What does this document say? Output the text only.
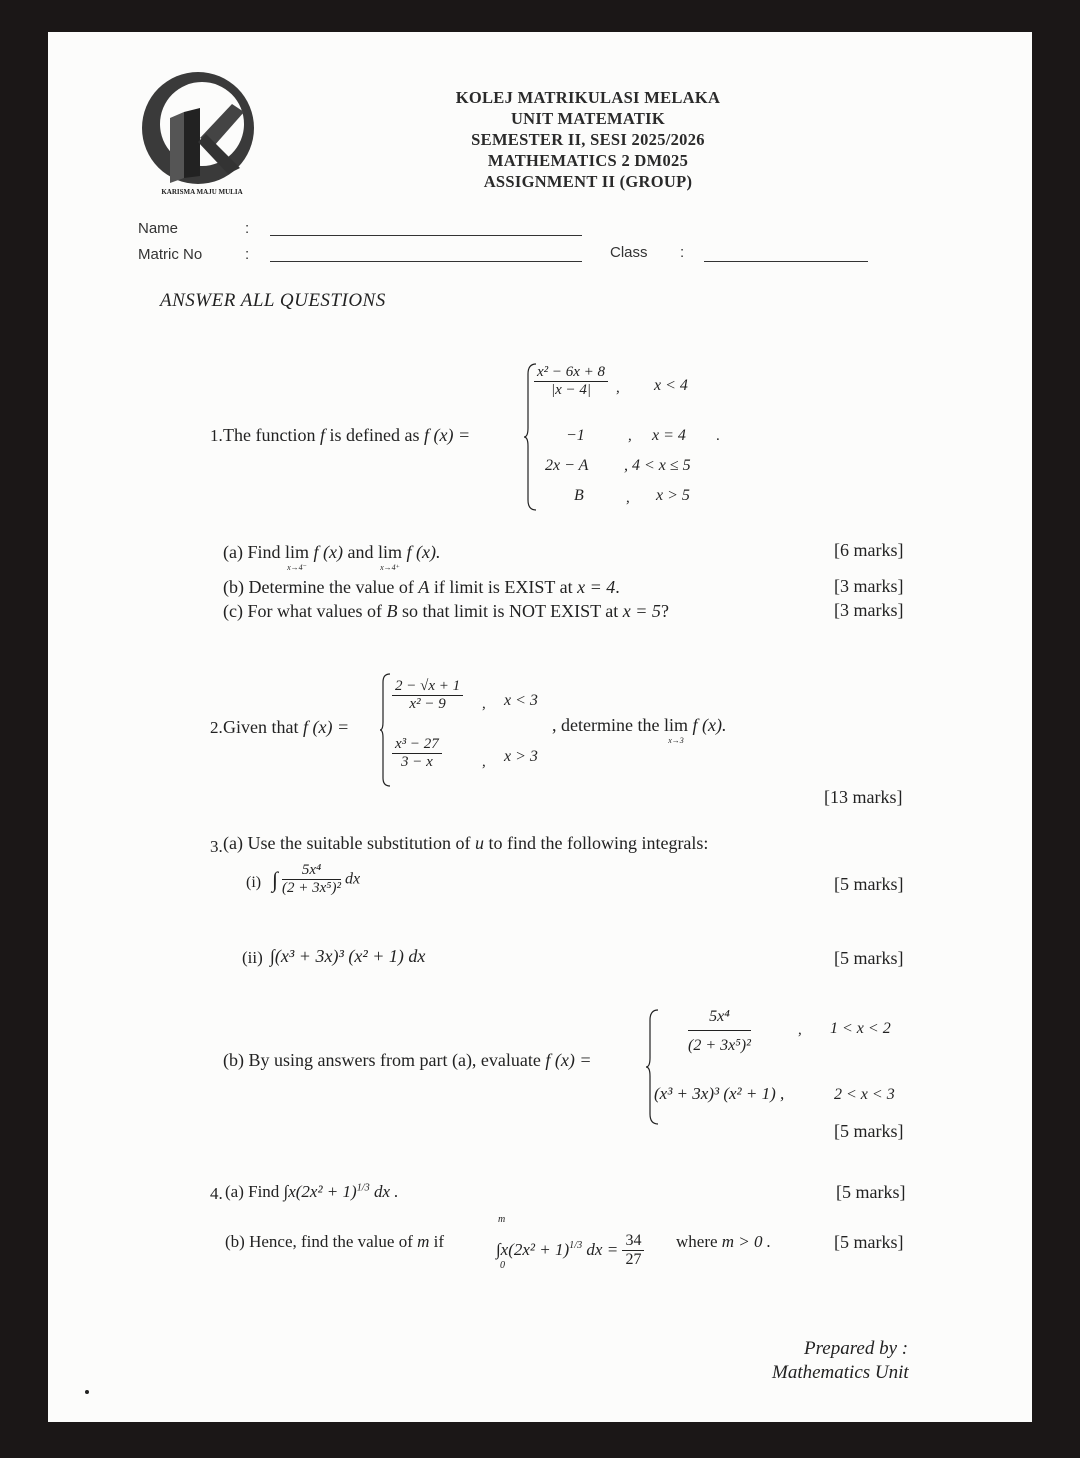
KARISMA MAJU MULIA
KOLEJ MATRIKULASI MELAKA
UNIT MATEMATIK
SEMESTER II, SESI 2025/2026
MATHEMATICS 2 DM025
ASSIGNMENT II (GROUP)
Name	:
Matric No	:	Class :
ANSWER ALL QUESTIONS
1. The function f is defined as f (x) =
$\frac{\text{x² − 6x + 8}}{|x - 4|}$ , x < 4
−1	, x = 4 .
2x − A , 4 < x ≤ 5
B	, x > 5
(a) Find lim
x→4⁻
f (x) and lim
x→4⁺
f (x).	[6 marks]
(b) Determine the value of A if limit is EXIST at x = 4.	[3 marks]
(c) For what values of B so that limit is NOT EXIST at x = 5?	[3 marks]
2. Given that f (x) =
$\frac{2 - √x + 1}{\text{x² − 9}}$ , x < 3
$\frac{\text{x³ − 27}}{3 - x}$	, x > 3
, determine the lim
x→3
f (x).
[13 marks]
3. (a) Use the suitable substitution of u to find the following integrals:
(i) ∫ $\frac{\text{5x⁴}}{\text{(2 + 3x⁵)²}}$ dx	[5 marks]
(ii) ∫(x³ + 3x)³ (x² + 1) dx	[5 marks]
(b) By using answers from part (a), evaluate f (x) =
$\frac{\text{5x⁴}}{\text{(2 + 3x⁵)²}}$	, 1 < x < 2
(x³ + 3x)³ (x² + 1) ,	2 < x < 3
[5 marks]
4. (a) Find $\int x(2x^2 + 1)^{1/3}$ dx .	[5 marks]
(b) Hence, find the value of m if
m
0
$\int x(2x^2 + 1)^{1/3}$ dx = $\frac{34}{27}$ where m > 0 .	[5 marks]
Prepared by :
Mathematics Unit
